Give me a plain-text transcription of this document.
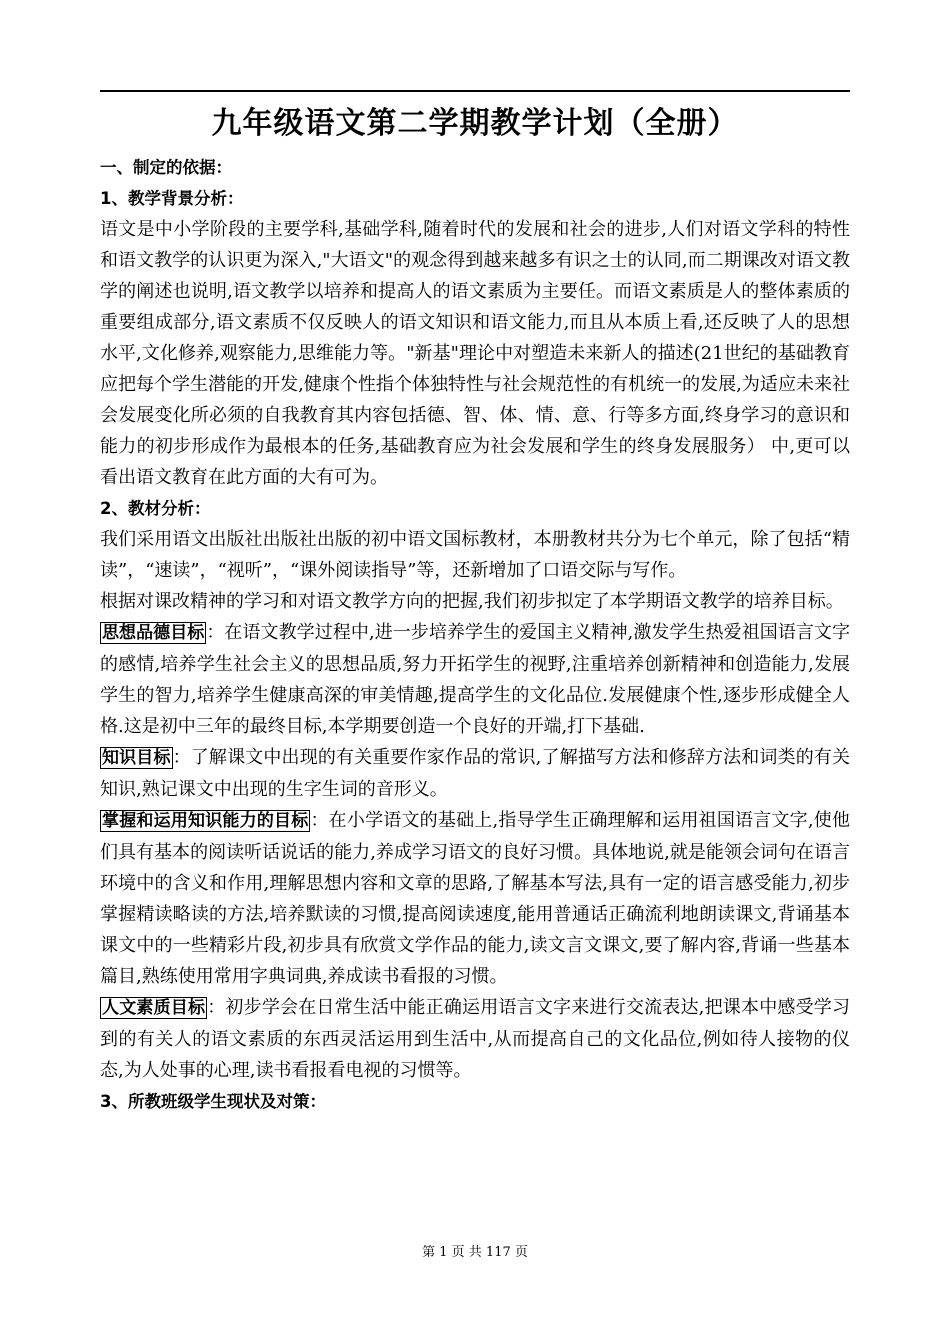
九年级语文第二学期教学计划（全册）
一、制定的依据：
1、教学背景分析：

语文是中小学阶段的主要学科,基础学科,随着时代的发展和社会的进步,人们对语文学科的特性和语文教学的认识更为深入,"大语文"的观念得到越来越多有识之士的认同,而二期课改对语文教学的阐述也说明,语文教学以培养和提高人的语文素质为主要任。而语文素质是人的整体素质的重要组成部分,语文素质不仅反映人的语文知识和语文能力,而且从本质上看,还反映了人的思想水平,文化修养,观察能力,思维能力等。"新基"理论中对塑造未来新人的描述(21世纪的基础教育应把每个学生潜能的开发,健康个性指个体独特性与社会规范性的有机统一的发展,为适应未来社会发展变化所必须的自我教育其内容包括德、智、体、情、意、行等多方面,终身学习的意识和能力的初步形成作为最根本的任务,基础教育应为社会发展和学生的终身发展服务） 中,更可以看出语文教育在此方面的大有可为。

2、教材分析：

我们采用语文出版社出版社出版的初中语文国标教材，本册教材共分为七个单元，除了包括“精读”，“速读”，“视听”，“课外阅读指导”等，还新增加了口语交际与写作。

根据对课改精神的学习和对语文教学方向的把握,我们初步拟定了本学期语文教学的培养目标。

思想品德目标 ：在语文教学过程中,进一步培养学生的爱国主义精神,激发学生热爱祖国语言文字的感情,培养学生社会主义的思想品质,努力开拓学生的视野,注重培养创新精神和创造能力,发展学生的智力,培养学生健康高深的审美情趣,提高学生的文化品位.发展健康个性,逐步形成健全人格.这是初中三年的最终目标,本学期要创造一个良好的开端,打下基础.

知识目标 ：了解课文中出现的有关重要作家作品的常识,了解描写方法和修辞方法和词类的有关知识,熟记课文中出现的生字生词的音形义。

掌握和运用知识能力的目标 ：在小学语文的基础上,指导学生正确理解和运用祖国语言文字,使他们具有基本的阅读听话说话的能力,养成学习语文的良好习惯。具体地说,就是能领会词句在语言环境中的含义和作用,理解思想内容和文章的思路,了解基本写法,具有一定的语言感受能力,初步掌握精读略读的方法,培养默读的习惯,提高阅读速度,能用普通话正确流利地朗读课文,背诵基本课文中的一些精彩片段,初步具有欣赏文学作品的能力,读文言文课文,要了解内容,背诵一些基本篇目,熟练使用常用字典词典,养成读书看报的习惯。

人文素质目标 ：初步学会在日常生活中能正确运用语言文字来进行交流表达,把课本中感受学习到的有关人的语文素质的东西灵活运用到生活中,从而提高自己的文化品位,例如待人接物的仪态,为人处事的心理,读书看报看电视的习惯等。

3、所教班级学生现状及对策：
第 1 页 共 117 页
